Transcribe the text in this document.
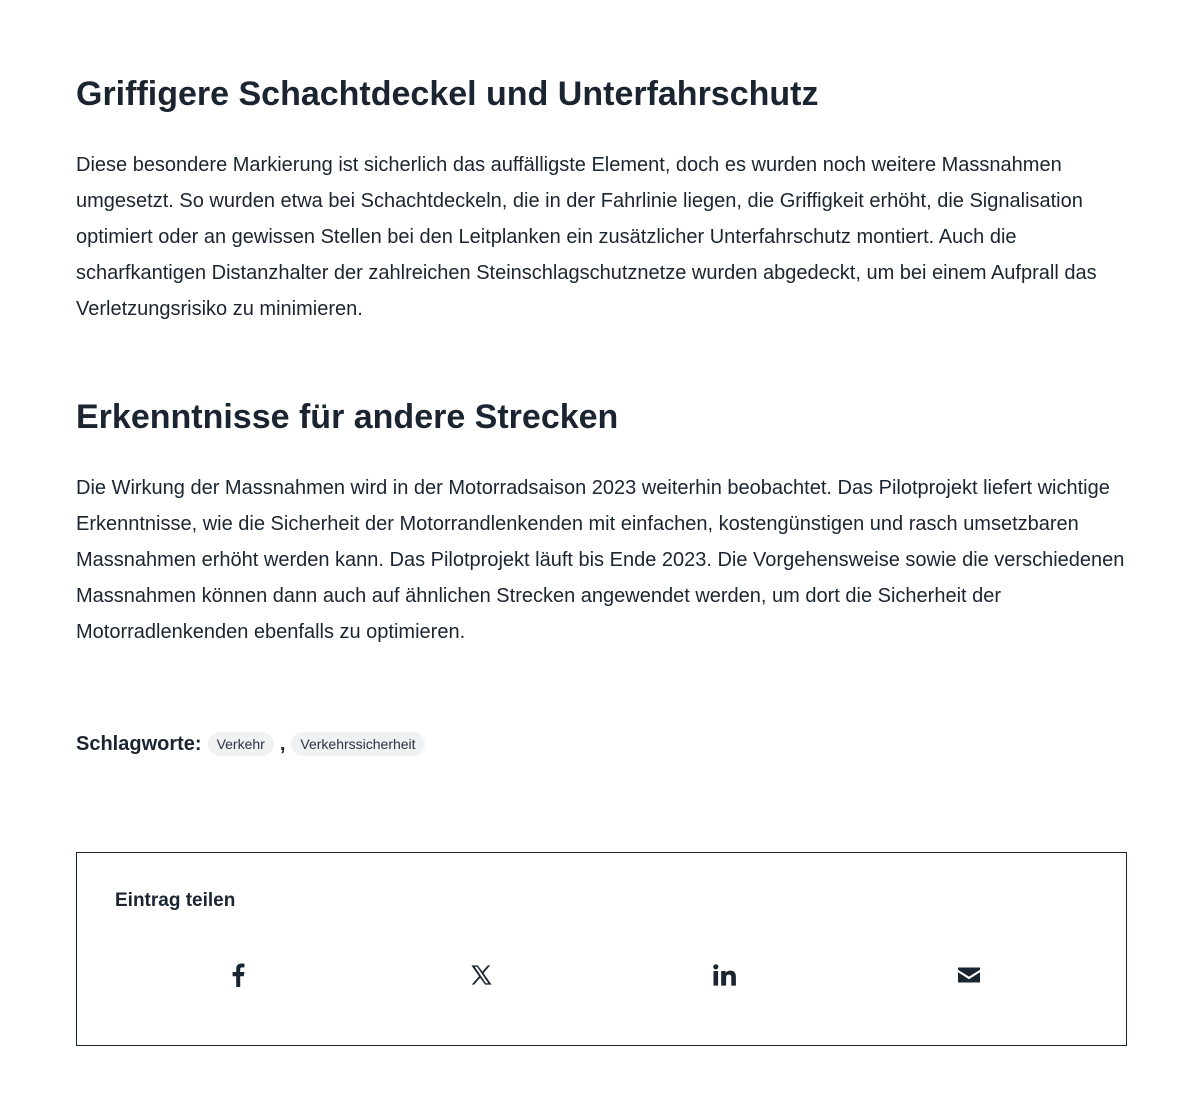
Griffigere Schachtdeckel und Unterfahrschutz

Diese besondere Markierung ist sicherlich das auffälligste Element, doch es wurden noch weitere Massnahmen umgesetzt. So wurden etwa bei Schachtdeckeln, die in der Fahrlinie liegen, die Griffigkeit erhöht, die Signalisation optimiert oder an gewissen Stellen bei den Leitplanken ein zusätzlicher Unterfahrschutz montiert. Auch die scharfkantigen Distanzhalter der zahlreichen Steinschlagschutznetze wurden abgedeckt, um bei einem Aufprall das Verletzungsrisiko zu minimieren.

Erkenntnisse für andere Strecken

Die Wirkung der Massnahmen wird in der Motorradsaison 2023 weiterhin beobachtet. Das Pilotprojekt liefert wichtige Erkenntnisse, wie die Sicherheit der Motorrandlenkenden mit einfachen, kostengünstigen und rasch umsetzbaren Massnahmen erhöht werden kann. Das Pilotprojekt läuft bis Ende 2023. Die Vorgehensweise sowie die verschiedenen Massnahmen können dann auch auf ähnlichen Strecken angewendet werden, um dort die Sicherheit der Motorradlenkenden ebenfalls zu optimieren.

Schlagworte:	Verkehr ,	Verkehrssicherheit
Eintrag teilen
